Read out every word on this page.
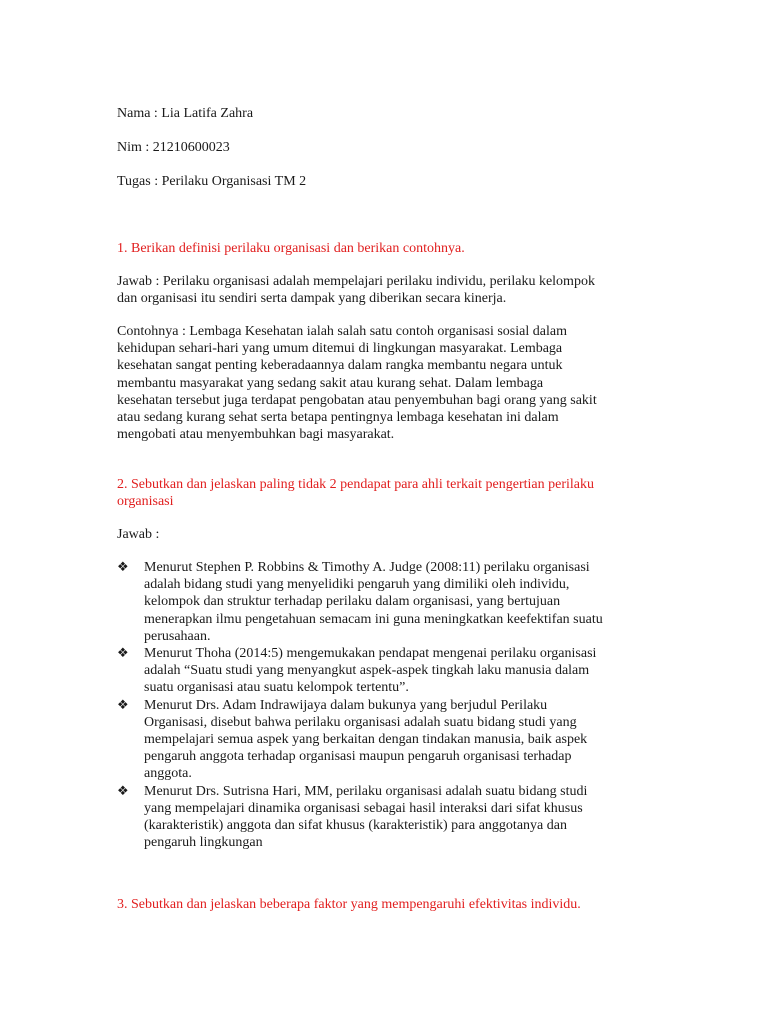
Nama : Lia Latifa Zahra
Nim : 21210600023
Tugas : Perilaku Organisasi TM 2
1. Berikan definisi perilaku organisasi dan berikan contohnya.
Jawab : Perilaku organisasi adalah mempelajari perilaku individu, perilaku kelompok
dan organisasi itu sendiri serta dampak yang diberikan secara kinerja.
Contohnya : Lembaga Kesehatan ialah salah satu contoh organisasi sosial dalam
kehidupan sehari-hari yang umum ditemui di lingkungan masyarakat. Lembaga
kesehatan sangat penting keberadaannya dalam rangka membantu negara untuk
membantu masyarakat yang sedang sakit atau kurang sehat. Dalam lembaga
kesehatan tersebut juga terdapat pengobatan atau penyembuhan bagi orang yang sakit
atau sedang kurang sehat serta betapa pentingnya lembaga kesehatan ini dalam
mengobati atau menyembuhkan bagi masyarakat.
2. Sebutkan dan jelaskan paling tidak 2 pendapat para ahli terkait pengertian perilaku
organisasi
Jawab :
❖ Menurut Stephen P. Robbins & Timothy A. Judge (2008:11) perilaku organisasi
adalah bidang studi yang menyelidiki pengaruh yang dimiliki oleh individu,
kelompok dan struktur terhadap perilaku dalam organisasi, yang bertujuan
menerapkan ilmu pengetahuan semacam ini guna meningkatkan keefektifan suatu
perusahaan.
❖ Menurut Thoha (2014:5) mengemukakan pendapat mengenai perilaku organisasi
adalah “Suatu studi yang menyangkut aspek-aspek tingkah laku manusia dalam
suatu organisasi atau suatu kelompok tertentu”.
❖ Menurut Drs. Adam Indrawijaya dalam bukunya yang berjudul Perilaku
Organisasi, disebut bahwa perilaku organisasi adalah suatu bidang studi yang
mempelajari semua aspek yang berkaitan dengan tindakan manusia, baik aspek
pengaruh anggota terhadap organisasi maupun pengaruh organisasi terhadap
anggota.
❖ Menurut Drs. Sutrisna Hari, MM, perilaku organisasi adalah suatu bidang studi
yang mempelajari dinamika organisasi sebagai hasil interaksi dari sifat khusus
(karakteristik) anggota dan sifat khusus (karakteristik) para anggotanya dan
pengaruh lingkungan
3. Sebutkan dan jelaskan beberapa faktor yang mempengaruhi efektivitas individu.
